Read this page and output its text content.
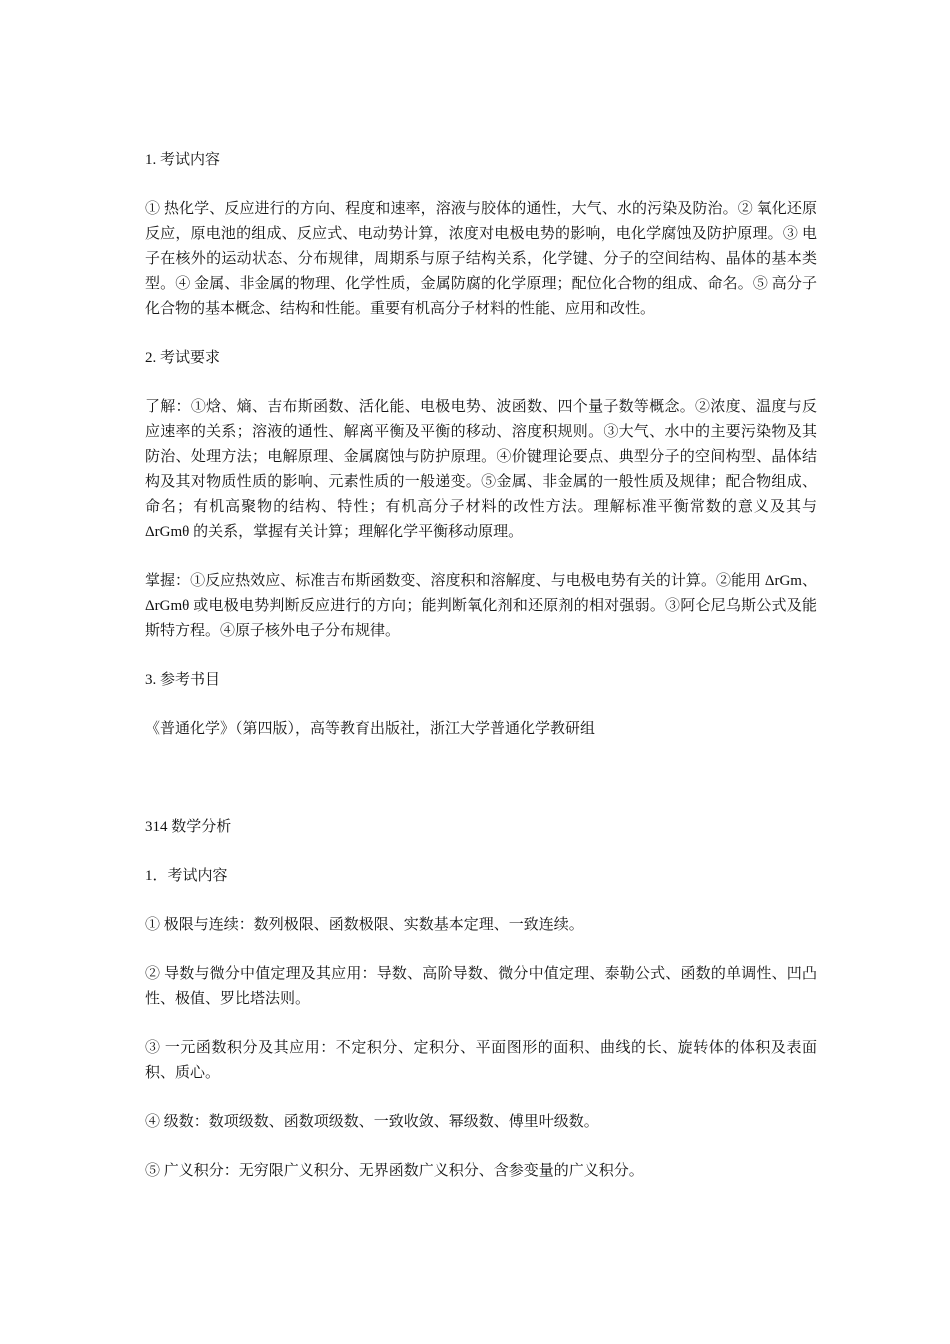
1. 考试内容

① 热化学、反应进行的方向、程度和速率，溶液与胶体的通性，大气、水的污染及防治。② 氧化还原反应，原电池的组成、反应式、电动势计算，浓度对电极电势的影响，电化学腐蚀及防护原理。③ 电子在核外的运动状态、分布规律，周期系与原子结构关系，化学键、分子的空间结构、晶体的基本类型。④ 金属、非金属的物理、化学性质，金属防腐的化学原理；配位化合物的组成、命名。⑤ 高分子化合物的基本概念、结构和性能。重要有机高分子材料的性能、应用和改性。

2. 考试要求

了解：①焓、熵、吉布斯函数、活化能、电极电势、波函数、四个量子数等概念。②浓度、温度与反应速率的关系；溶液的通性、解离平衡及平衡的移动、溶度积规则。③大气、水中的主要污染物及其防治、处理方法；电解原理、金属腐蚀与防护原理。④价键理论要点、典型分子的空间构型、晶体结构及其对物质性质的影响、元素性质的一般递变。⑤金属、非金属的一般性质及规律；配合物组成、命名；有机高聚物的结构、特性；有机高分子材料的改性方法。理解标准平衡常数的意义及其与 ΔrGmθ 的关系，掌握有关计算；理解化学平衡移动原理。

掌握：①反应热效应、标准吉布斯函数变、溶度积和溶解度、与电极电势有关的计算。②能用 ΔrGm、ΔrGmθ 或电极电势判断反应进行的方向；能判断氧化剂和还原剂的相对强弱。③阿仑尼乌斯公式及能斯特方程。④原子核外电子分布规律。

3. 参考书目

《普通化学》（第四版），高等教育出版社，浙江大学普通化学教研组

314 数学分析

1．考试内容

① 极限与连续：数列极限、函数极限、实数基本定理、一致连续。

② 导数与微分中值定理及其应用：导数、高阶导数、微分中值定理、泰勒公式、函数的单调性、凹凸性、极值、罗比塔法则。

③ 一元函数积分及其应用：不定积分、定积分、平面图形的面积、曲线的长、旋转体的体积及表面积、质心。

④ 级数：数项级数、函数项级数、一致收敛、幂级数、傅里叶级数。

⑤ 广义积分：无穷限广义积分、无界函数广义积分、含参变量的广义积分。
